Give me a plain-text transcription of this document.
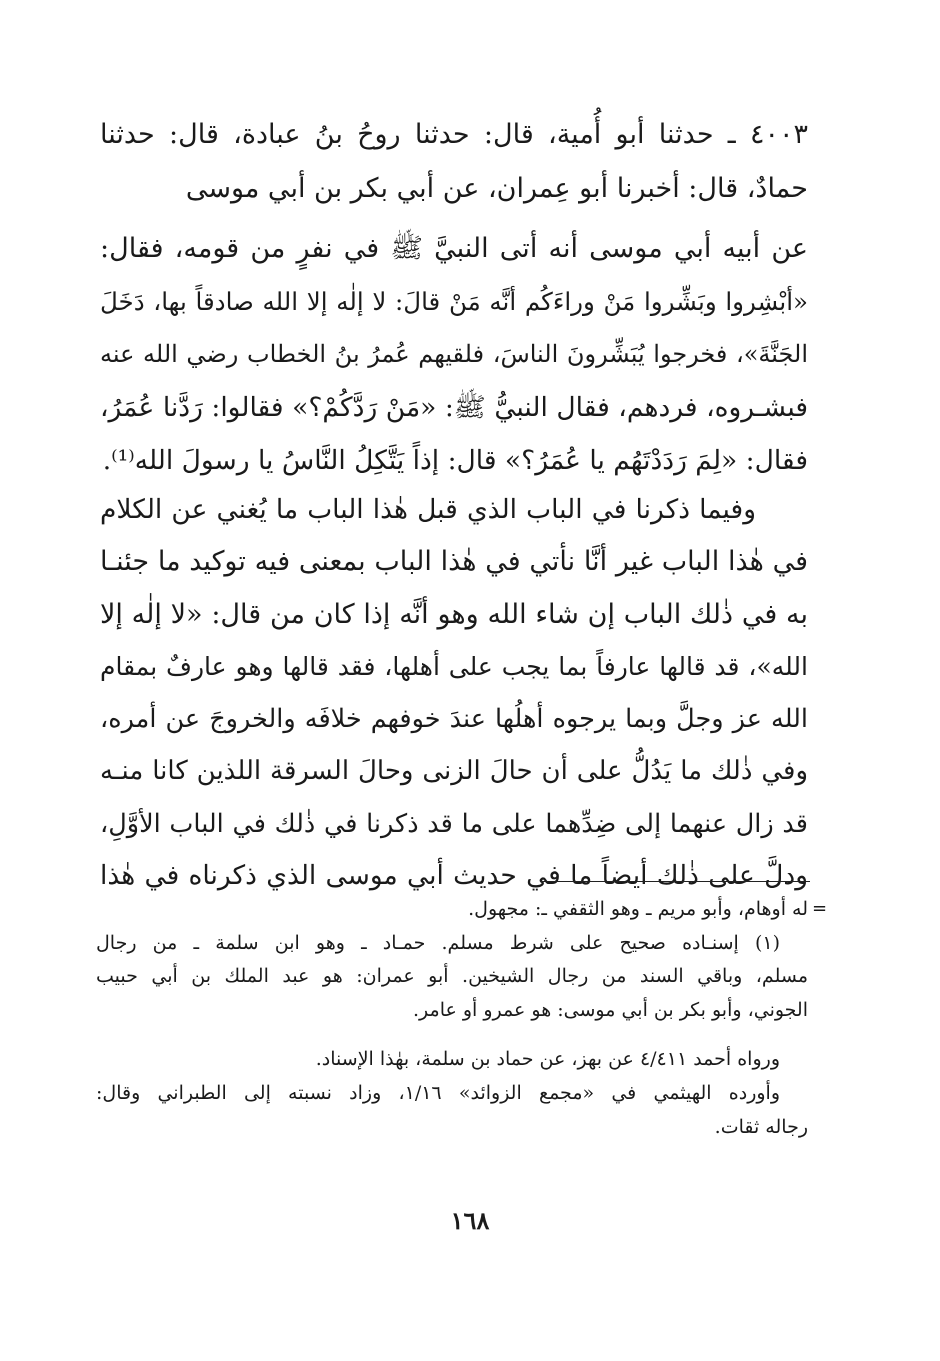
٤٠٠٣ ـ حدثنا أبو أُمية، قال: حدثنا روحُ بنُ عبادة، قال: حدثنا
حمادٌ، قال: أخبرنا أبو عِمران، عن أبي بكر بن أبي موسى
عن أبيه أبي موسى أنه أتى النبيَّ ﷺ في نفرٍ من قومه، فقال:
«أبْشِروا وبَشِّروا مَنْ وراءَكُم أنَّه مَنْ قالَ: لا إلٰه إلا الله صادقاً بها، دَخَلَ
الجَنَّةَ»، فخرجوا يُبَشِّرونَ الناسَ، فلقيهم عُمرُ بنُ الخطاب رضي الله عنه
فبشـروه، فردهم، فقال النبيُّ ﷺ: «مَنْ رَدَّكُمْ؟» فقالوا: رَدَّنا عُمَرُ،
فقال: «لِمَ رَدَدْتَهُم يا عُمَرُ؟» قال: إذاً يَتَّكِلُ النَّاسُ يا رسولَ الله⁽¹⁾.
وفيما ذكرنا في الباب الذي قبل هٰذا الباب ما يُغني عن الكلام
في هٰذا الباب غير أنَّا نأتي في هٰذا الباب بمعنى فيه توكيد ما جئنـا
به في ذٰلك الباب إن شاء الله وهو أنَّه إذا كان من قال: «لا إلٰه إلا
الله»، قد قالها عارفاً بما يجب على أهلها، فقد قالها وهو عارفٌ بمقام
الله عز وجلَّ وبما يرجوه أهلُها عندَ خوفهم خلافَه والخروجَ عن أمره،
وفي ذٰلك ما يَدُلُّ على أن حالَ الزنى وحالَ السرقة اللذين كانا منـه
قد زال عنهما إلى ضِدِّهما على ما قد ذكرنا في ذٰلك في الباب الأوَّلِ،
ودلَّ على ذٰلك أيضاً ما في حديث أبي موسى الذي ذكرناه في هٰذا
=
له أوهام، وأبو مريم ـ وهو الثقفي ـ: مجهول.
(١) إسنـاده صحيح على شرط مسلم. حمـاد ـ وهو ابن سلمة ـ من رجال
مسلم، وباقي السند من رجال الشيخين. أبو عمران: هو عبد الملك بن أبي حبيب
الجوني، وأبو بكر بن أبي موسى: هو عمرو أو عامر.
ورواه أحمد ٤/٤١١ عن بهز، عن حماد بن سلمة، بهٰذا الإسناد.
وأورده الهيثمي في «مجمع الزوائد» ١/١٦، وزاد نسبته إلى الطبراني وقال:
رجاله ثقات.
١٦٨
